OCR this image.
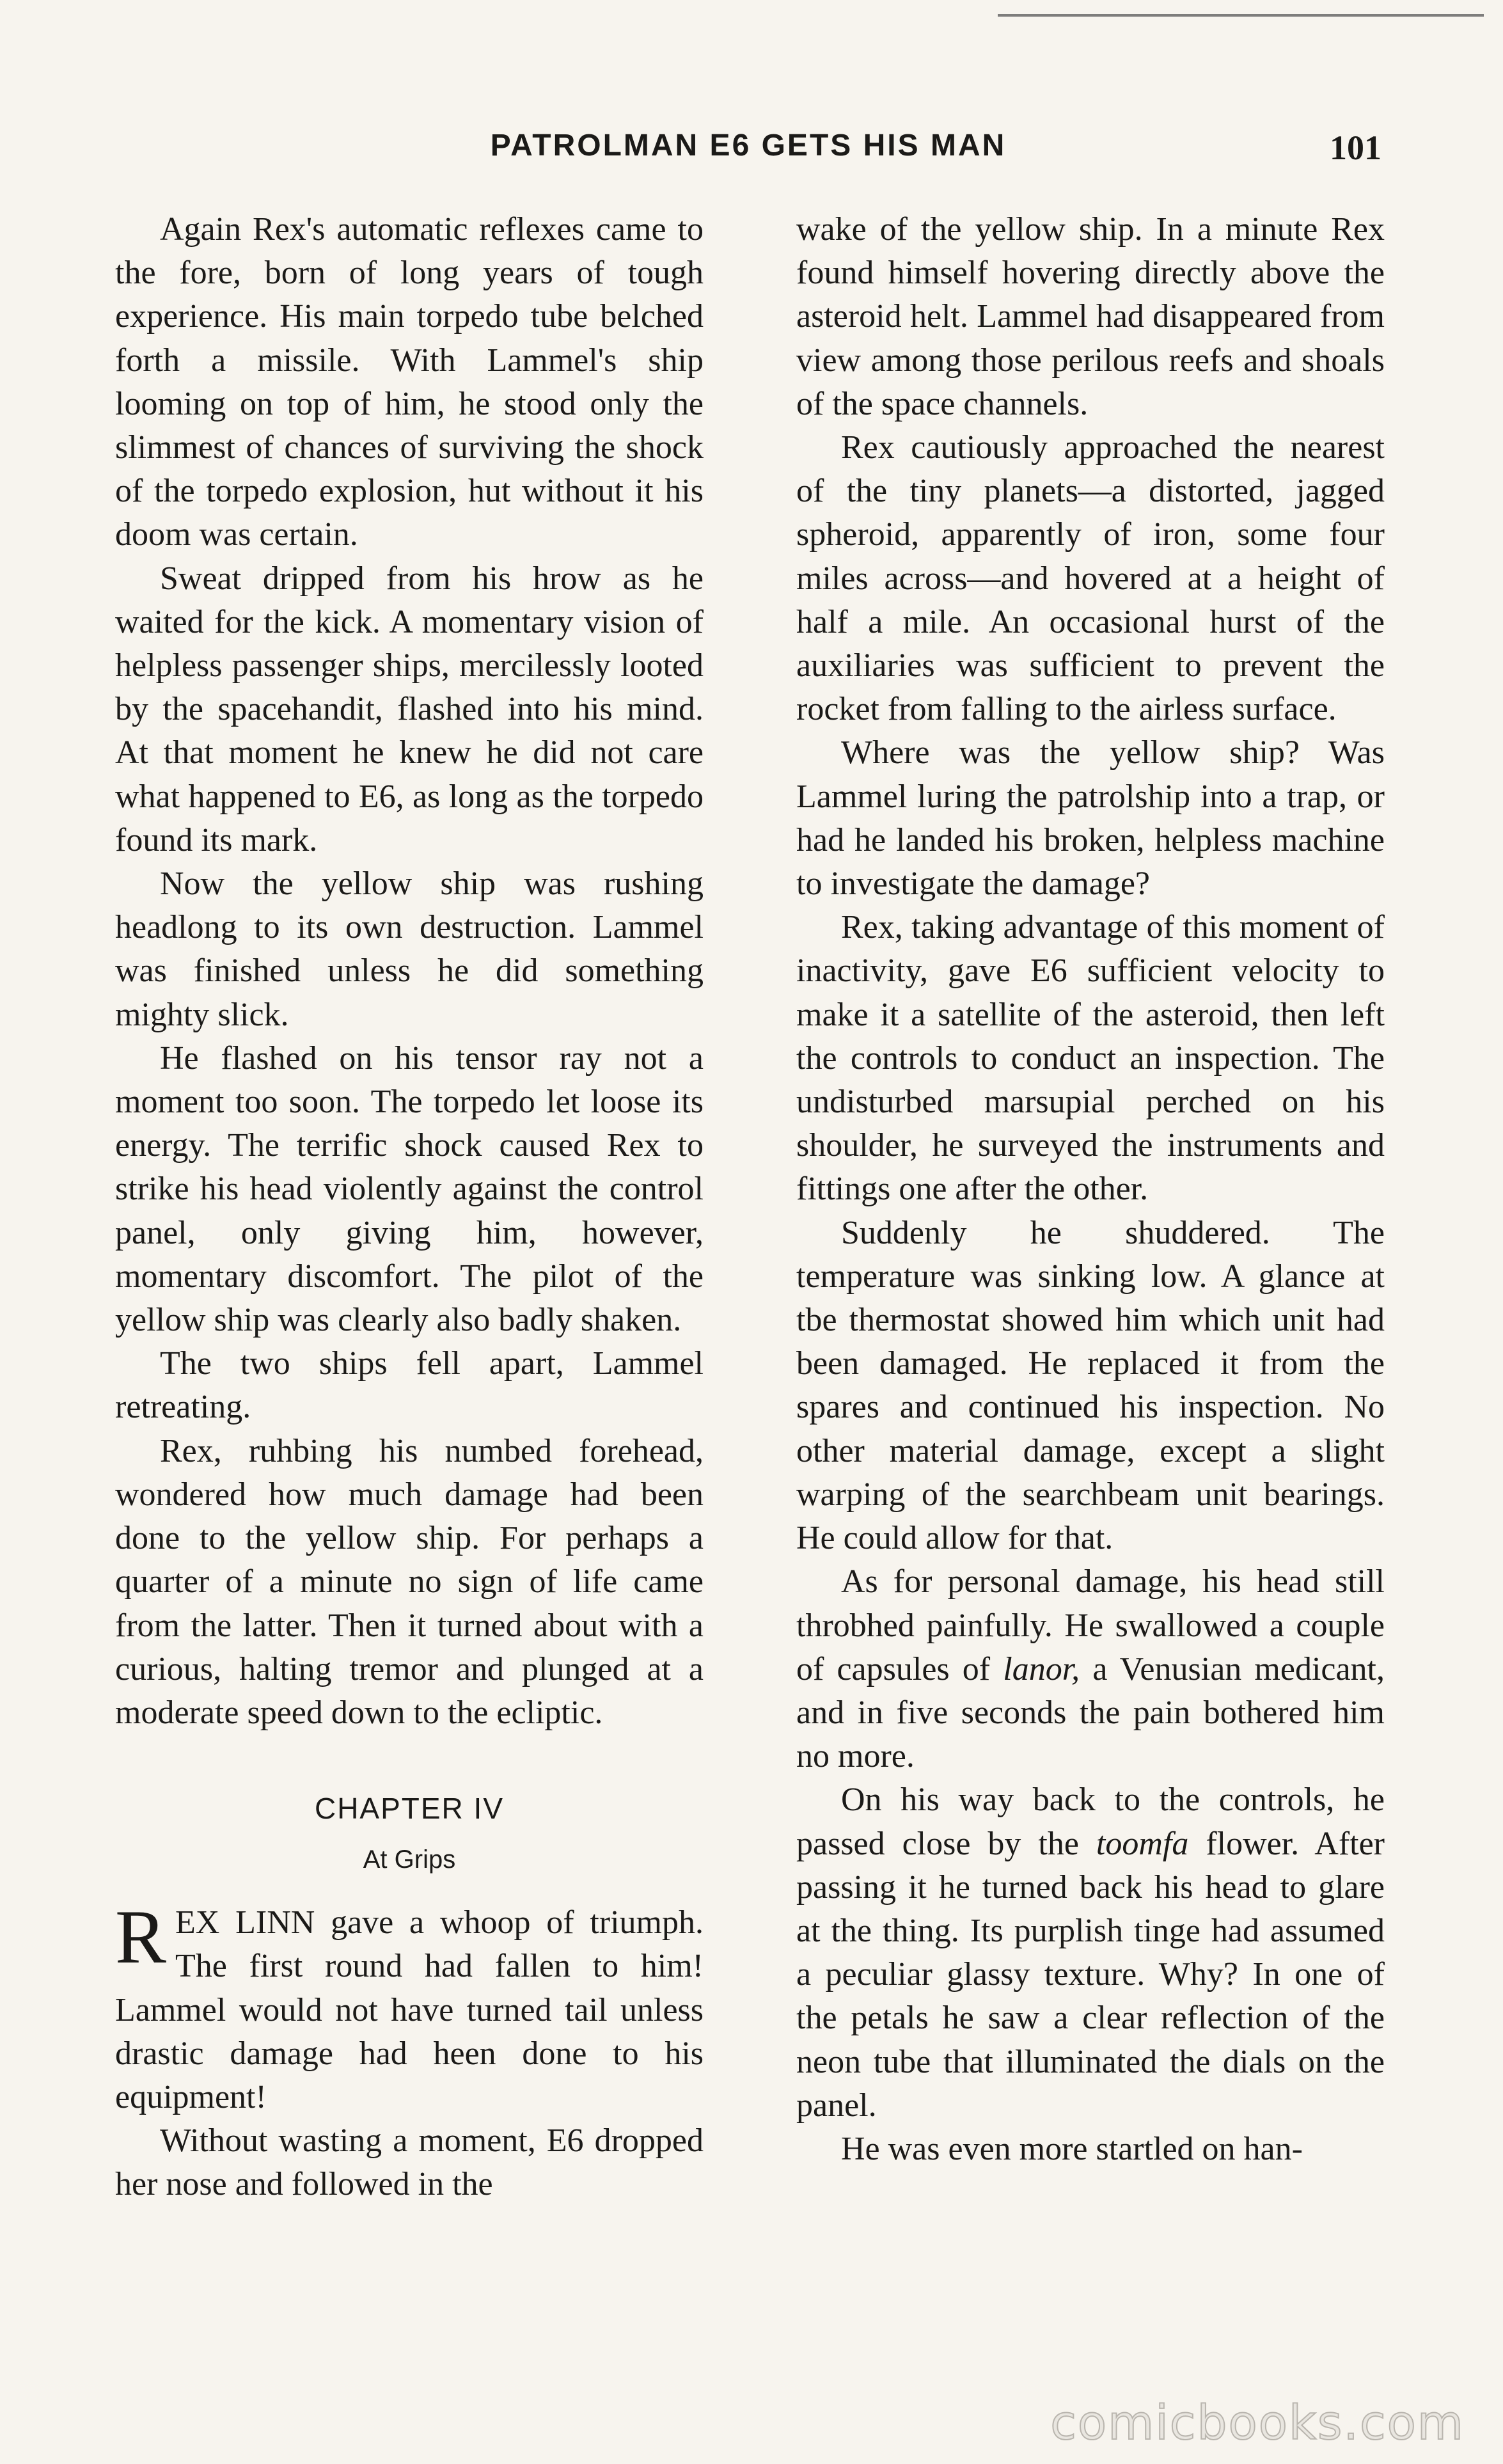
PATROLMAN E6 GETS HIS MAN	101

Again Rex's automatic reflexes came to the fore, born of long years of tough experience. His main torpedo tube belched forth a missile. With Lammel's ship looming on top of him, he stood only the slimmest of chances of surviving the shock of the torpedo explosion, hut without it his doom was certain.

Sweat dripped from his hrow as he waited for the kick. A momentary vision of helpless passenger ships, mercilessly looted by the spacehandit, flashed into his mind. At that moment he knew he did not care what happened to E6, as long as the torpedo found its mark.

Now the yellow ship was rushing headlong to its own destruction. Lammel was finished unless he did something mighty slick.

He flashed on his tensor ray not a moment too soon. The torpedo let loose its energy. The terrific shock caused Rex to strike his head violently against the control panel, only giving him, however, momentary discomfort. The pilot of the yellow ship was clearly also badly shaken.

The two ships fell apart, Lammel retreating.

Rex, ruhbing his numbed forehead, wondered how much damage had been done to the yellow ship. For perhaps a quarter of a minute no sign of life came from the latter. Then it turned about with a curious, halting tremor and plunged at a moderate speed down to the ecliptic.

CHAPTER IV
At Grips

REX LINN gave a whoop of triumph. The first round had fallen to him! Lammel would not have turned tail unless drastic damage had heen done to his equipment!

Without wasting a moment, E6 dropped her nose and followed in the

wake of the yellow ship. In a minute Rex found himself hovering directly above the asteroid helt. Lammel had disappeared from view among those perilous reefs and shoals of the space channels.

Rex cautiously approached the nearest of the tiny planets—a distorted, jagged spheroid, apparently of iron, some four miles across—and hovered at a height of half a mile. An occasional hurst of the auxiliaries was sufficient to prevent the rocket from falling to the airless surface.

Where was the yellow ship? Was Lammel luring the patrolship into a trap, or had he landed his broken, helpless machine to investigate the damage?

Rex, taking advantage of this moment of inactivity, gave E6 sufficient velocity to make it a satellite of the asteroid, then left the controls to conduct an inspection. The undisturbed marsupial perched on his shoulder, he surveyed the instruments and fittings one after the other.

Suddenly he shuddered. The temperature was sinking low. A glance at tbe thermostat showed him which unit had been damaged. He replaced it from the spares and continued his inspection. No other material damage, except a slight warping of the searchbeam unit bearings. He could allow for that.

As for personal damage, his head still throbhed painfully. He swallowed a couple of capsules of lanor, a Venusian medicant, and in five seconds the pain bothered him no more.

On his way back to the controls, he passed close by the toomfa flower. After passing it he turned back his head to glare at the thing. Its purplish tinge had assumed a peculiar glassy texture. Why? In one of the petals he saw a clear reflection of the neon tube that illuminated the dials on the panel.

He was even more startled on han-

comicbooks.com
